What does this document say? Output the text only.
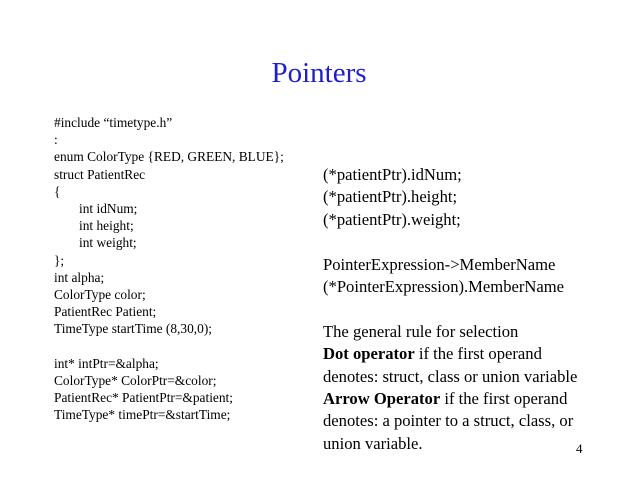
Pointers
#include “timetype.h”
:
enum ColorType {RED, GREEN, BLUE};
struct PatientRec
{
int idNum;
int height;
int weight;
};
int alpha;
ColorType color;
PatientRec Patient;
TimeType startTime (8,30,0);
int* intPtr=&alpha;
ColorType* ColorPtr=&color;
PatientRec* PatientPtr=&patient;
TimeType* timePtr=&startTime;
(*patientPtr).idNum;
(*patientPtr).height;
(*patientPtr).weight;
PointerExpression->MemberName
(*PointerExpression).MemberName
The general rule for selection
Dot operator if the first operand
denotes: struct, class or union variable
Arrow Operator if the first operand
denotes: a pointer to a struct, class, or
union variable.	4
